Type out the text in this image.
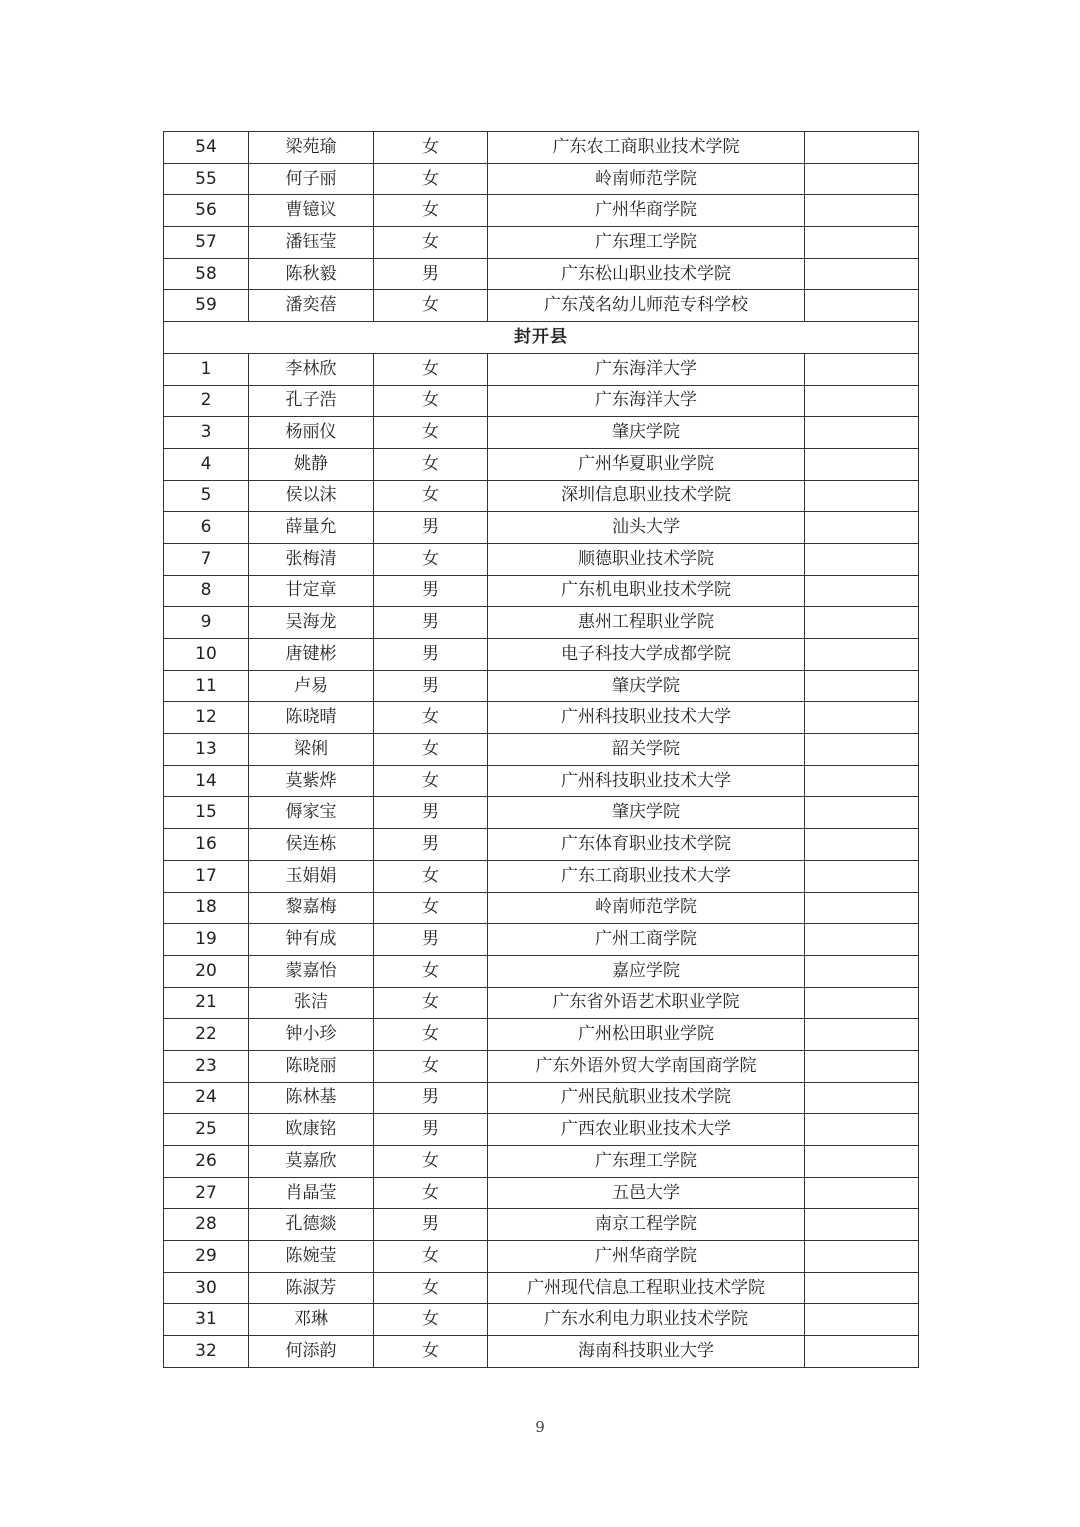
54	梁苑瑜	女	广东农工商职业技术学院	
55	何子丽	女	岭南师范学院	
56	曹镱议	女	广州华商学院	
57	潘钰莹	女	广东理工学院	
58	陈秋毅	男	广东松山职业技术学院	
59	潘奕蓓	女	广东茂名幼儿师范专科学校	
封开县				
1	李林欣	女	广东海洋大学	
2	孔子浩	女	广东海洋大学	
3	杨丽仪	女	肇庆学院	
4	姚静	女	广州华夏职业学院	
5	侯以沫	女	深圳信息职业技术学院	
6	薛量允	男	汕头大学	
7	张梅清	女	顺德职业技术学院	
8	甘定章	男	广东机电职业技术学院	
9	吴海龙	男	惠州工程职业学院	
10	唐键彬	男	电子科技大学成都学院	
11	卢易	男	肇庆学院	
12	陈晓晴	女	广州科技职业技术大学	
13	梁俐	女	韶关学院	
14	莫紫烨	女	广州科技职业技术大学	
15	傉家宝	男	肇庆学院	
16	侯连栋	男	广东体育职业技术学院	
17	玉娟娟	女	广东工商职业技术大学	
18	黎嘉梅	女	岭南师范学院	
19	钟有成	男	广州工商学院	
20	蒙嘉怡	女	嘉应学院	
21	张洁	女	广东省外语艺术职业学院	
22	钟小珍	女	广州松田职业学院	
23	陈晓丽	女	广东外语外贸大学南国商学院	
24	陈林基	男	广州民航职业技术学院	
25	欧康铭	男	广西农业职业技术大学	
26	莫嘉欣	女	广东理工学院	
27	肖晶莹	女	五邑大学	
28	孔德燚	男	南京工程学院	
29	陈婉莹	女	广州华商学院	
30	陈淑芳	女	广州现代信息工程职业技术学院	
31	邓琳	女	广东水利电力职业技术学院	
32	何添韵	女	海南科技职业大学	
9
